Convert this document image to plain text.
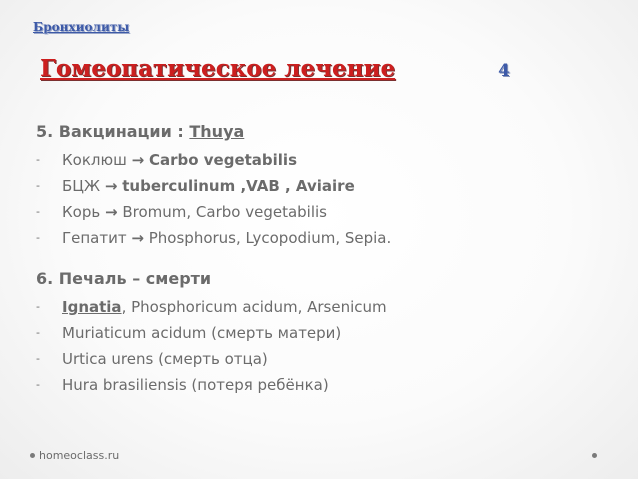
Бронхиолиты
Гомеопатическое лечение	4
5. Вакцинации : Thuya
- Коклюш → Carbo vegetabilis
- БЦЖ → tuberculinum ,VAB , Aviaire
- Корь → Bromum, Carbo vegetabilis
- Гепатит → Phosphorus, Lycopodium, Sepia.
6. Печаль – смерти
- Ignatia, Phosphoricum acidum, Arsenicum
- Muriaticum acidum (смерть матери)
- Urtica urens (смерть отца)
- Hura brasiliensis (потеря ребёнка)
homeoclass.ru
